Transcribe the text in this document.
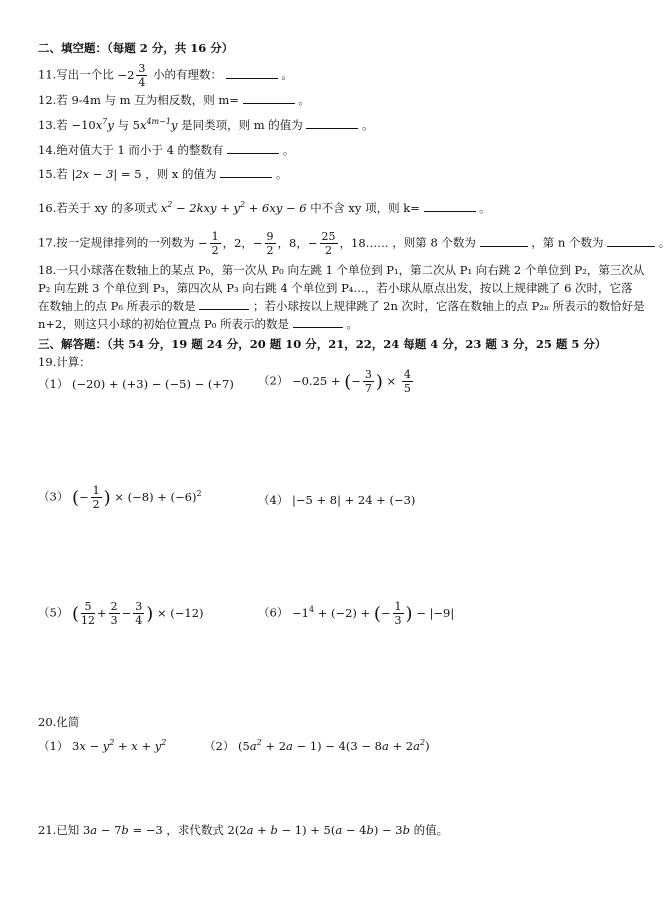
二、填空题：（每题 2 分，共 16 分）
11.写出一个比 $-2 \frac{3}{4}$ 小的有理数：	。
12.若 9-4m 与 m 互为相反数，则 m=	。
13.若 $-10x^7y$ 与 $5x^{4m-1}y$ 是同类项，则 m 的值为	。
14.绝对值大于 1 而小于 4 的整数有	。
15.若 |2x − 3| = 5 ，则 x 的值为	。
16.若关于 xy 的多项式 $x^2 - 2kxy + y^2 + 6xy - 6$ 中不含 xy 项，则 k=	。
17.按一定规律排列的一列数为 − $\frac{1}{2}$ ，2，− $\frac{9}{2}$ ，8，− $\frac{25}{2}$ ，18…… ，则第 8 个数为	，第 n 个数为	。
18.一只小球落在数轴上的某点 P₀，第一次从 P₀ 向左跳 1 个单位到 P₁，第二次从 P₁ 向右跳 2 个单位到 P₂，第三次从
P₂ 向左跳 3 个单位到 P₃，第四次从 P₃ 向右跳 4 个单位到 P₄…，若小球从原点出发，按以上规律跳了 6 次时，它落
在数轴上的点 P₆ 所表示的数是	；若小球按以上规律跳了 2n 次时，它落在数轴上的点 P₂ₙ 所表示的数恰好是
n+2，则这只小球的初始位置点 P₀ 所表示的数是	。
三、解答题：（共 54 分，19 题 24 分，20 题 10 分，21，22，24 每题 4 分，23 题 3 分，25 题 5 分）
19.计算：
（1） (−20) + (+3) − (−5) − (+7) （2） −0.25 + (− $\frac{3}{7}$ ) × $\frac{4}{5}$
（3） (− $\frac{1}{2}$ ) × $(-8) + (-6)^2$	（4） |−5 + 8| + 24 + (−3)
（5） ( $\frac{5}{12} + \frac{2}{3} - \frac{3}{4}$ ) × (−12)	$(6) -1^4 + (-2)$ + (− $\frac{1}{3}$ ) − |−9|
20.化简
（1） $3x - y^2 + x + y^2$	（2） $(5a^2 + 2a - 1) - 4(3 - 8a + 2a^2)$
21.已知 3a − 7b = −3 ，求代数式 2(2a + b − 1) + 5(a − 4b) − 3b 的值。
